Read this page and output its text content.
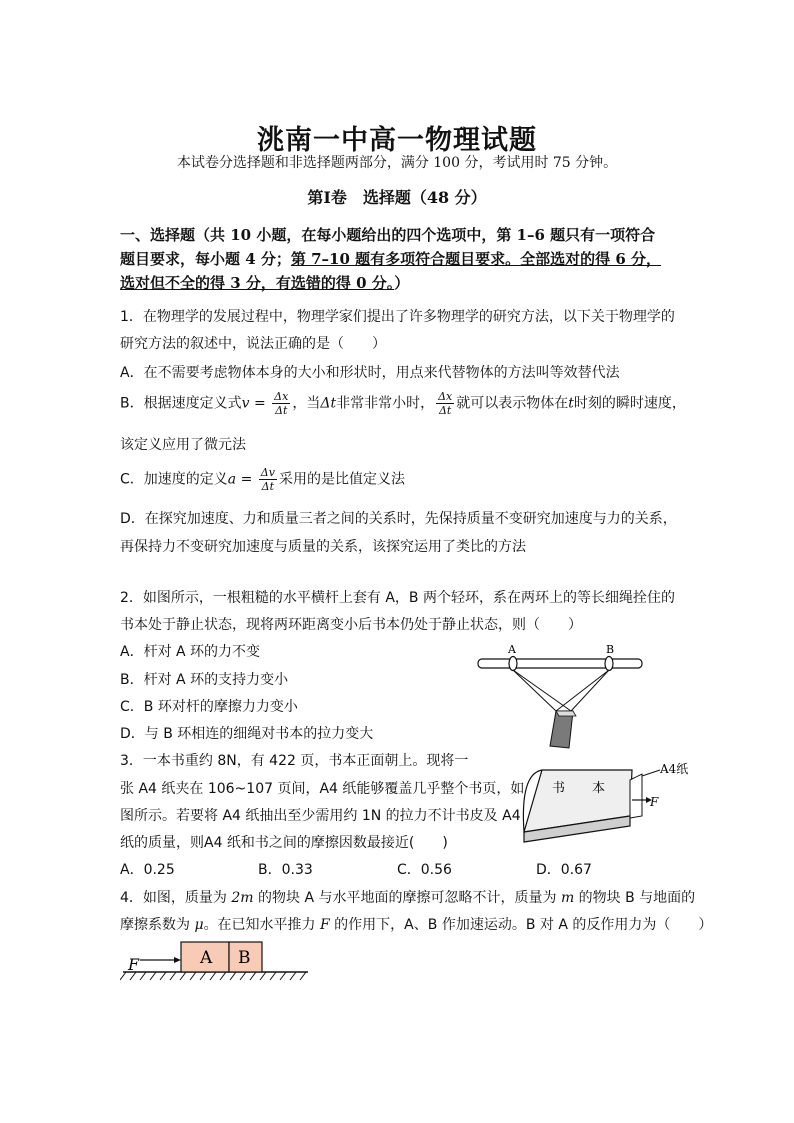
洮南一中高一物理试题
本试卷分选择题和非选择题两部分，满分 100 分，考试用时 75 分钟。
第Ⅰ卷　选择题（48 分）
一、选择题（共 10 小题，在每小题给出的四个选项中，第 1–6 题只有一项符合
题目要求，每小题 4 分；第 7–10 题有多项符合题目要求。全部选对的得 6 分，
选对但不全的得 3 分，有选错的得 0 分。）
1．在物理学的发展过程中，物理学家们提出了许多物理学的研究方法，以下关于物理学的
研究方法的叙述中，说法正确的是（　　）
A．在不需要考虑物体本身的大小和形状时，用点来代替物体的方法叫等效替代法
B．根据速度定义式$v = \frac{\Delta x}{\Delta t}$ ，当Δt非常非常小时， $\frac{\Delta x}{\Delta t}$ 就可以表示物体在t时刻的瞬时速度，
该定义应用了微元法
C．加速度的定义$a = \frac{\Delta v}{\Delta t}$ 采用的是比值定义法
D．在探究加速度、力和质量三者之间的关系时，先保持质量不变研究加速度与力的关系，
再保持力不变研究加速度与质量的关系，该探究运用了类比的方法
2．如图所示，一根粗糙的水平横杆上套有 A，B 两个轻环，系在两环上的等长细绳拴住的
书本处于静止状态，现将两环距离变小后书本仍处于静止状态，则（　　）
A．杆对 A 环的力不变
B．杆对 A 环的支持力变小
C．B 环对杆的摩擦力力变小
D．与 B 环相连的细绳对书本的拉力变大
A	B
3．一本书重约 8N，有 422 页，书本正面朝上。现将一
张 A4 纸夹在 106~107 页间，A4 纸能够覆盖几乎整个书页，如
图所示。若要将 A4 纸抽出至少需用约 1N 的拉力不计书皮及 A4
纸的质量，则A4 纸和书之间的摩擦因数最接近(　　)
A．0.25	B．0.33	C．0.56	D．0.67
书 本
A4纸
F
4．如图，质量为 2m 的物块 A 与水平地面的摩擦可忽略不计，质量为 m 的物块 B 与地面的
摩擦系数为 μ。在已知水平推力 F 的作用下，A、B 作加速运动。B 对 A 的反作用力为（　　）
A B
F
